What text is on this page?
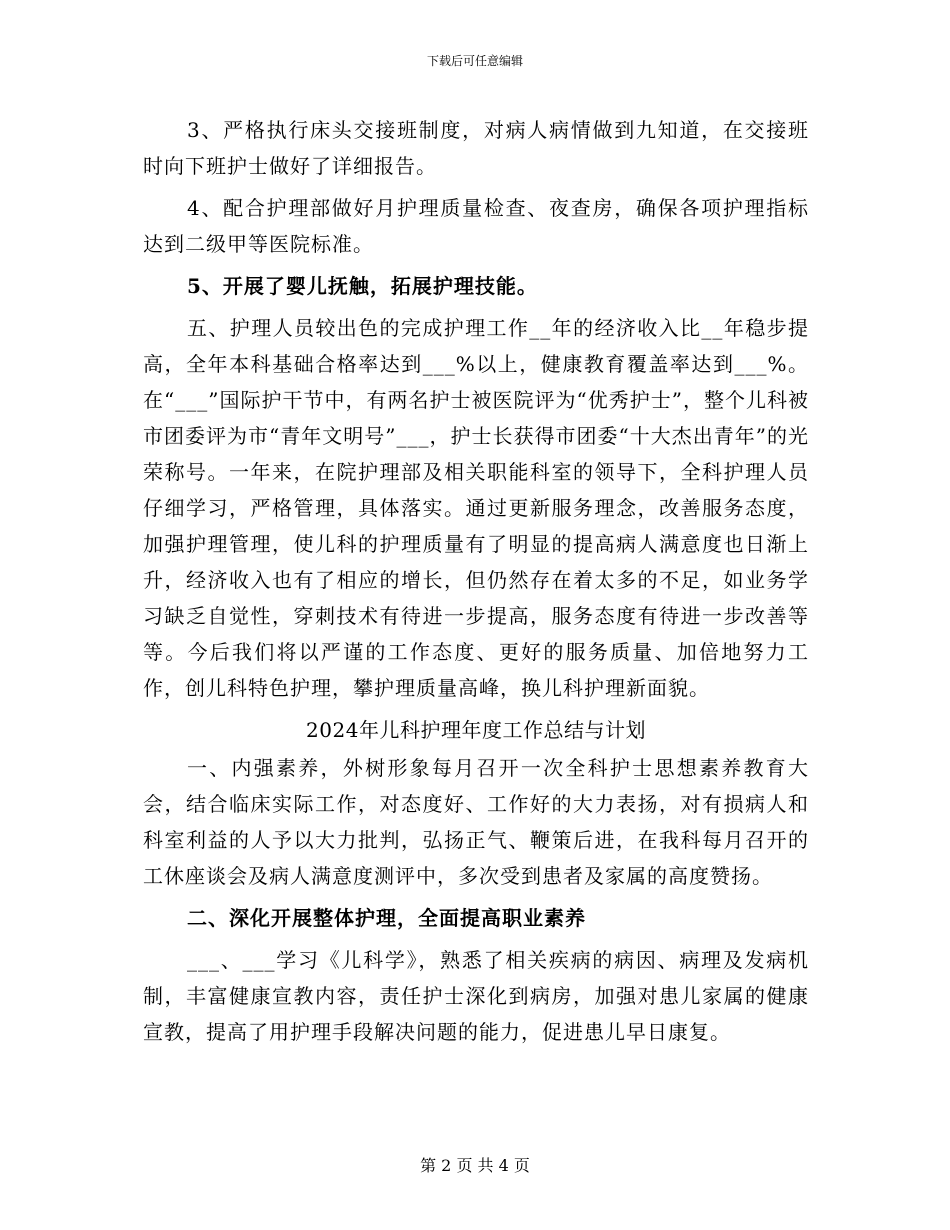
下载后可任意编辑

3、严格执行床头交接班制度，对病人病情做到九知道，在交接班时向下班护士做好了详细报告。

4、配合护理部做好月护理质量检查、夜查房，确保各项护理指标达到二级甲等医院标准。

5、开展了婴儿抚触，拓展护理技能。

五、护理人员较出色的完成护理工作__年的经济收入比__年稳步提高，全年本科基础合格率达到___%以上，健康教育覆盖率达到___%。在“___”国际护干节中，有两名护士被医院评为“优秀护士”，整个儿科被市团委评为市“青年文明号”___，护士长获得市团委“十大杰出青年”的光荣称号。一年来，在院护理部及相关职能科室的领导下，全科护理人员仔细学习，严格管理，具体落实。通过更新服务理念，改善服务态度，加强护理管理，使儿科的护理质量有了明显的提高病人满意度也日渐上升，经济收入也有了相应的增长，但仍然存在着太多的不足，如业务学习缺乏自觉性，穿刺技术有待进一步提高，服务态度有待进一步改善等等。今后我们将以严谨的工作态度、更好的服务质量、加倍地努力工作，创儿科特色护理，攀护理质量高峰，换儿科护理新面貌。

2024年儿科护理年度工作总结与计划

一、内强素养，外树形象每月召开一次全科护士思想素养教育大会，结合临床实际工作，对态度好、工作好的大力表扬，对有损病人和科室利益的人予以大力批判，弘扬正气、鞭策后进，在我科每月召开的工休座谈会及病人满意度测评中，多次受到患者及家属的高度赞扬。

二、深化开展整体护理，全面提高职业素养

___、___学习《儿科学》，熟悉了相关疾病的病因、病理及发病机制，丰富健康宣教内容，责任护士深化到病房，加强对患儿家属的健康宣教，提高了用护理手段解决问题的能力，促进患儿早日康复。

第 2 页 共 4 页
